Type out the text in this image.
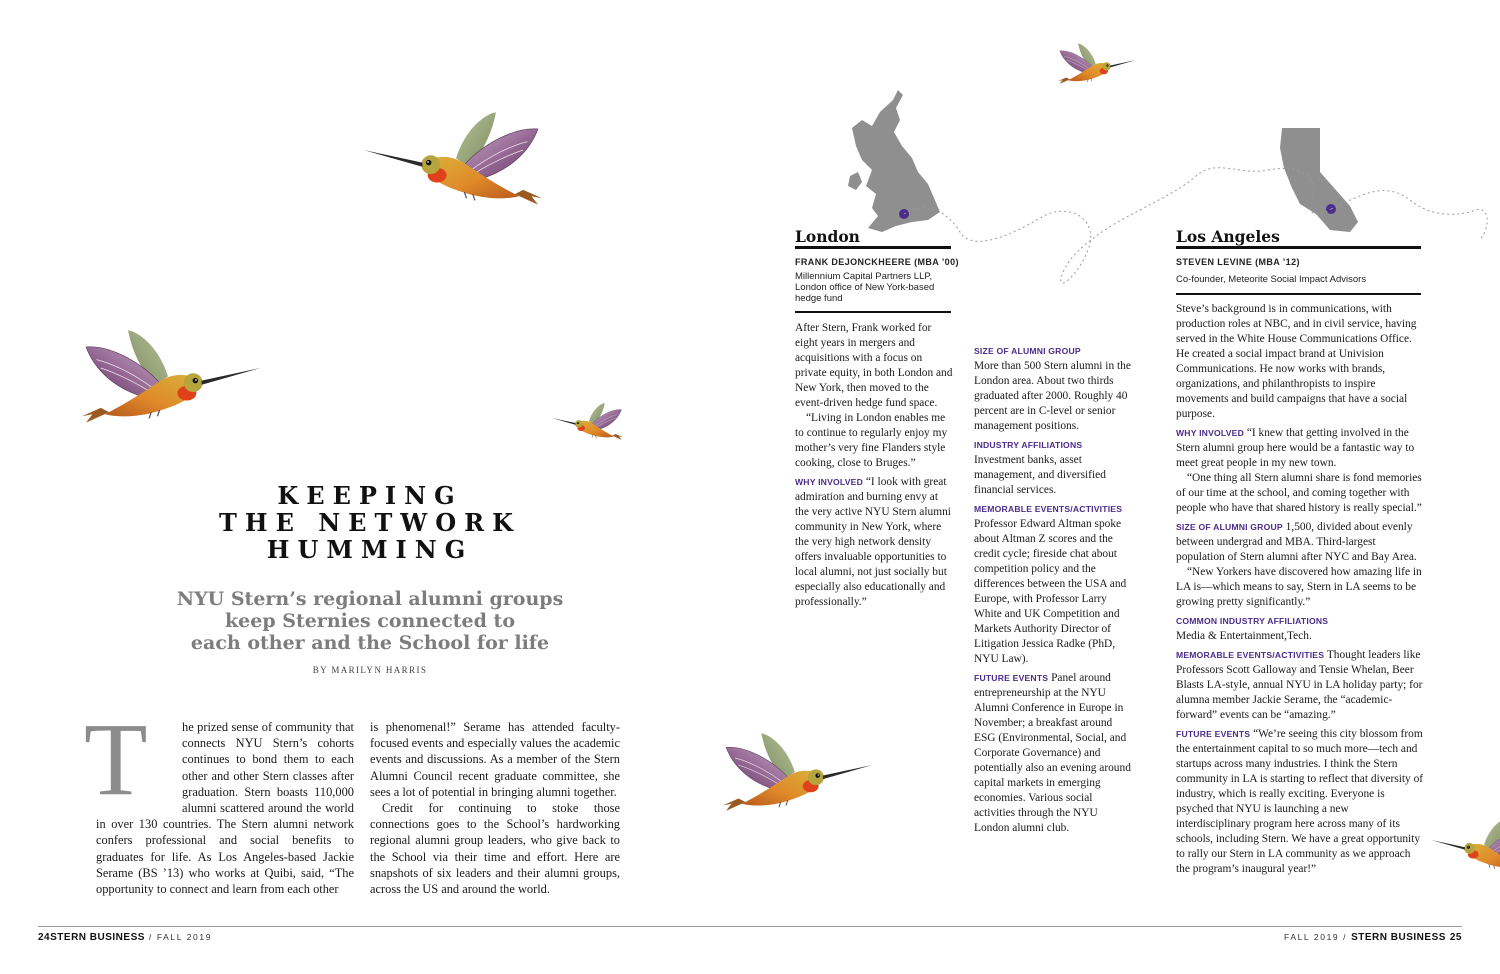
KEEPING
THE NETWORK
HUMMING
NYU Stern’s regional alumni groups
keep Sternies connected to
each other and the School for life
BY MARILYN HARRIS
T	he prized sense of community that connects NYU Stern’s cohorts continues to bond them to each other and other Stern classes after graduation. Stern boasts 110,000 alumni scattered around the world in over 130 countries. The Stern alumni network confers professional and social benefits to graduates for life. As Los Angeles-based Jackie Serame (BS ’13) who works at Quibi, said, “The opportunity to connect and learn from each other

is phenomenal!” Serame has attended faculty-focused events and especially values the academic events and discussions. As a member of the Stern Alumni Council recent graduate committee, she sees a lot of potential in bringing alumni together.

Credit for continuing to stoke those connections goes to the School’s hardworking regional alumni group leaders, who give back to the School via their time and effort. Here are snapshots of six leaders and their alumni groups, across the US and around the world.

London
FRANK DEJONCKHEERE (MBA ’00)
Millennium Capital Partners LLP,
London office of New York-based
hedge fund

After Stern, Frank worked for eight years in mergers and acquisitions with a focus on private equity, in both London and New York, then moved to the event-driven hedge fund space.

“Living in London enables me to continue to regularly enjoy my mother’s very fine Flanders style cooking, close to Bruges.”

WHY INVOLVED “I look with great admiration and burning envy at the very active NYU Stern alumni community in New York, where the very high network density offers invaluable opportunities to local alumni, not just socially but especially also educationally and professionally.”

SIZE OF ALUMNI GROUP

More than 500 Stern alumni in the London area. About two thirds graduated after 2000. Roughly 40 percent are in C-level or senior management positions.

INDUSTRY AFFILIATIONS

Investment banks, asset management, and diversified financial services.

MEMORABLE EVENTS/ACTIVITIES

Professor Edward Altman spoke about Altman Z scores and the credit cycle; fireside chat about competition policy and the differences between the USA and Europe, with Professor Larry White and UK Competition and Markets Authority Director of Litigation Jessica Radke (PhD, NYU Law).

FUTURE EVENTS Panel around entrepreneurship at the NYU Alumni Conference in Europe in November; a breakfast around ESG (Environmental, Social, and Corporate Governance) and potentially also an evening around capital markets in emerging economies. Various social activities through the NYU London alumni club.

Los Angeles
STEVEN LEVINE (MBA ’12)
Co-founder, Meteorite Social Impact Advisors

Steve’s background is in communications, with production roles at NBC, and in civil service, having served in the White House Communications Office. He created a social impact brand at Univision Communications. He now works with brands, organizations, and philanthropists to inspire movements and build campaigns that have a social purpose.

WHY INVOLVED “I knew that getting involved in the Stern alumni group here would be a fantastic way to meet great people in my new town.

“One thing all Stern alumni share is fond memories of our time at the school, and coming together with people who have that shared history is really special.”

SIZE OF ALUMNI GROUP 1,500, divided about evenly between undergrad and MBA. Third-largest population of Stern alumni after NYC and Bay Area.

“New Yorkers have discovered how amazing life in LA is—which means to say, Stern in LA seems to be growing pretty significantly.”

COMMON INDUSTRY AFFILIATIONS

Media & Entertainment,Tech.

MEMORABLE EVENTS/ACTIVITIES Thought leaders like Professors Scott Galloway and Tensie Whelan, Beer Blasts LA-style, annual NYU in LA holiday party; for alumna member Jackie Serame, the “academic-forward” events can be “amazing.”

FUTURE EVENTS “We’re seeing this city blossom from the entertainment capital to so much more—tech and startups across many industries. I think the Stern community in LA is starting to reflect that diversity of industry, which is really exciting. Everyone is psyched that NYU is launching a new interdisciplinary program here across many of its schools, including Stern. We have a great opportunity to rally our Stern in LA community as we approach the program’s inaugural year!”

24STERN BUSINESS / FALL 2019	FALL 2019 / STERN BUSINESS 25
